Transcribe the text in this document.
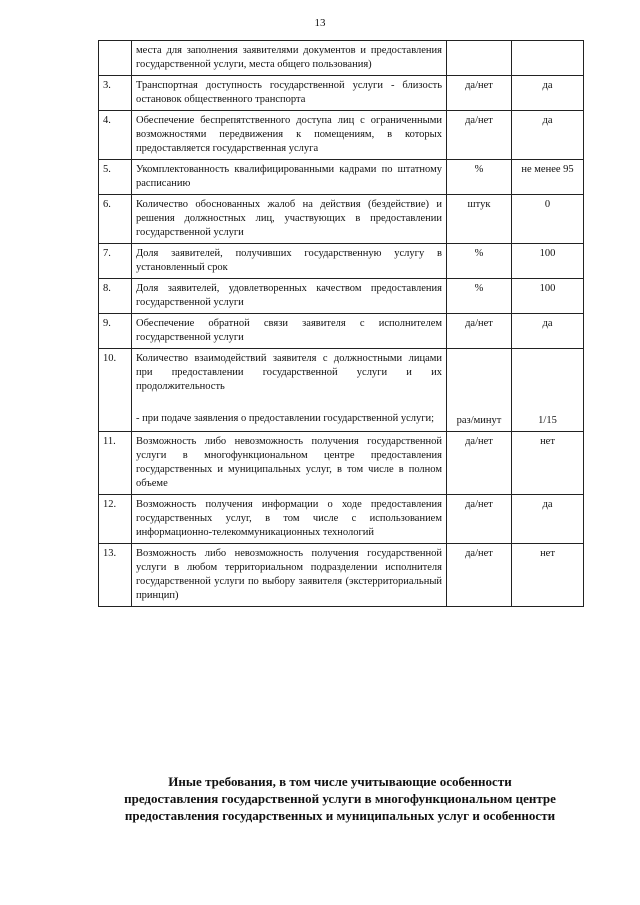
13

	места для заполнения заявителями документов и предоставления государственной услуги, места общего пользования)		

3.	Транспортная доступность государственной услуги - близость остановок общественного транспорта	да/нет	да

4.	Обеспечение беспрепятственного доступа лиц с ограниченными возможностями передвижения к помещениям, в которых предоставляется государственная услуга	да/нет	да

5.	Укомплектованность квалифицированными кадрами по штатному расписанию	%	не менее 95

6.	Количество обоснованных жалоб на действия (бездействие) и решения должностных лиц, участвующих в предоставлении государственной услуги	штук	0

7.	Доля заявителей, получивших государственную услугу в установленный срок	%	100

8.	Доля заявителей, удовлетворенных качеством предоставления государственной услуги	%	100

9.	Обеспечение обратной связи заявителя с исполнителем государственной услуги	да/нет	да

10.	Количество взаимодействий заявителя с должностными лицами при предоставлении государственной услуги и их продолжительность
- при подаче заявления о предоставлении государственной услуги;	раз/минут	1/15

11.	Возможность либо невозможность получения государственной услуги в многофункциональном центре предоставления государственных и муниципальных услуг, в том числе в полном объеме	да/нет	нет

12.	Возможность получения информации о ходе предоставления государственных услуг, в том числе с использованием информационно-телекоммуникационных технологий	да/нет	да

13.	Возможность либо невозможность получения государственной услуги в любом территориальном подразделении исполнителя государственной услуги по выбору заявителя (экстерриториальный принцип)	да/нет	нет
Иные требования, в том числе учитывающие особенности
предоставления государственной услуги в многофункциональном центре
предоставления государственных и муниципальных услуг и особенности
